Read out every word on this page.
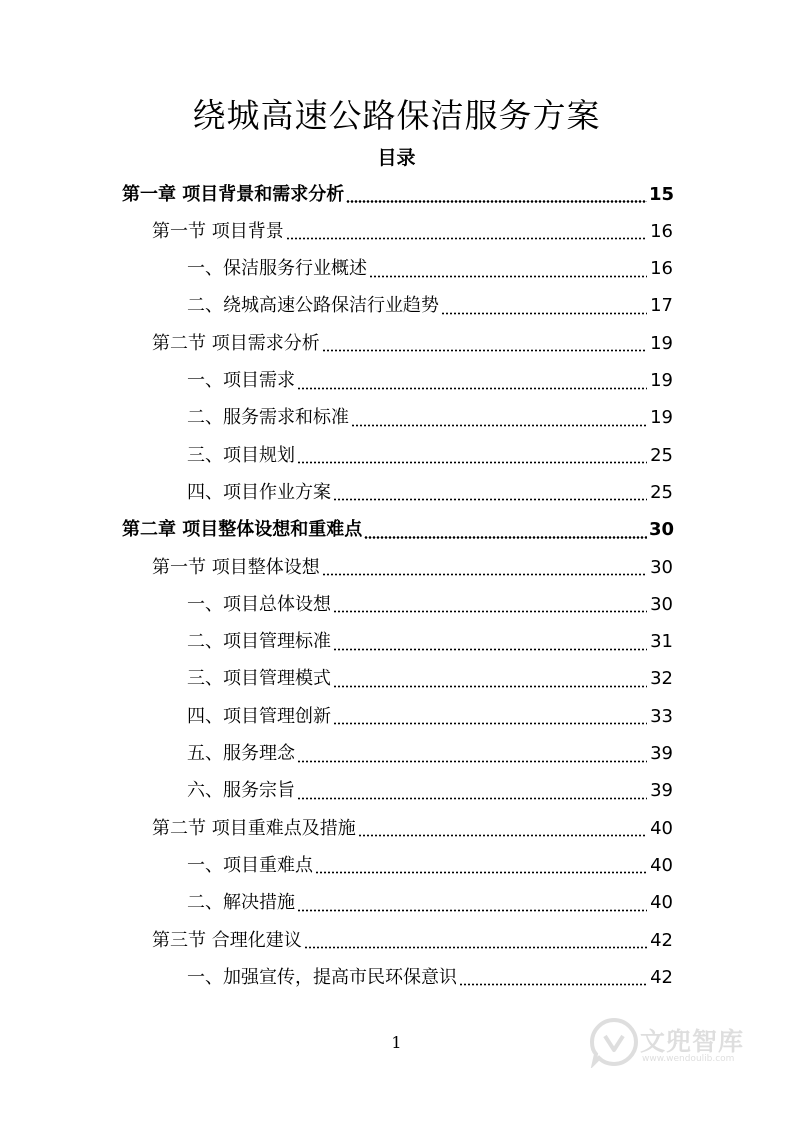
绕城高速公路保洁服务方案
目录
第一章 项目背景和需求分析	15
第一节 项目背景	16
一、保洁服务行业概述	16
二、绕城高速公路保洁行业趋势	17
第二节 项目需求分析	19
一、项目需求	19
二、服务需求和标准	19
三、项目规划	25
四、项目作业方案	25
第二章 项目整体设想和重难点	30
第一节 项目整体设想	30
一、项目总体设想	30
二、项目管理标准	31
三、项目管理模式	32
四、项目管理创新	33
五、服务理念	39
六、服务宗旨	39
第二节 项目重难点及措施	40
一、项目重难点	40
二、解决措施	40
第三节 合理化建议	42
一、加强宣传，提高市民环保意识	42
1	文兜智库
www.wendoulib.com
